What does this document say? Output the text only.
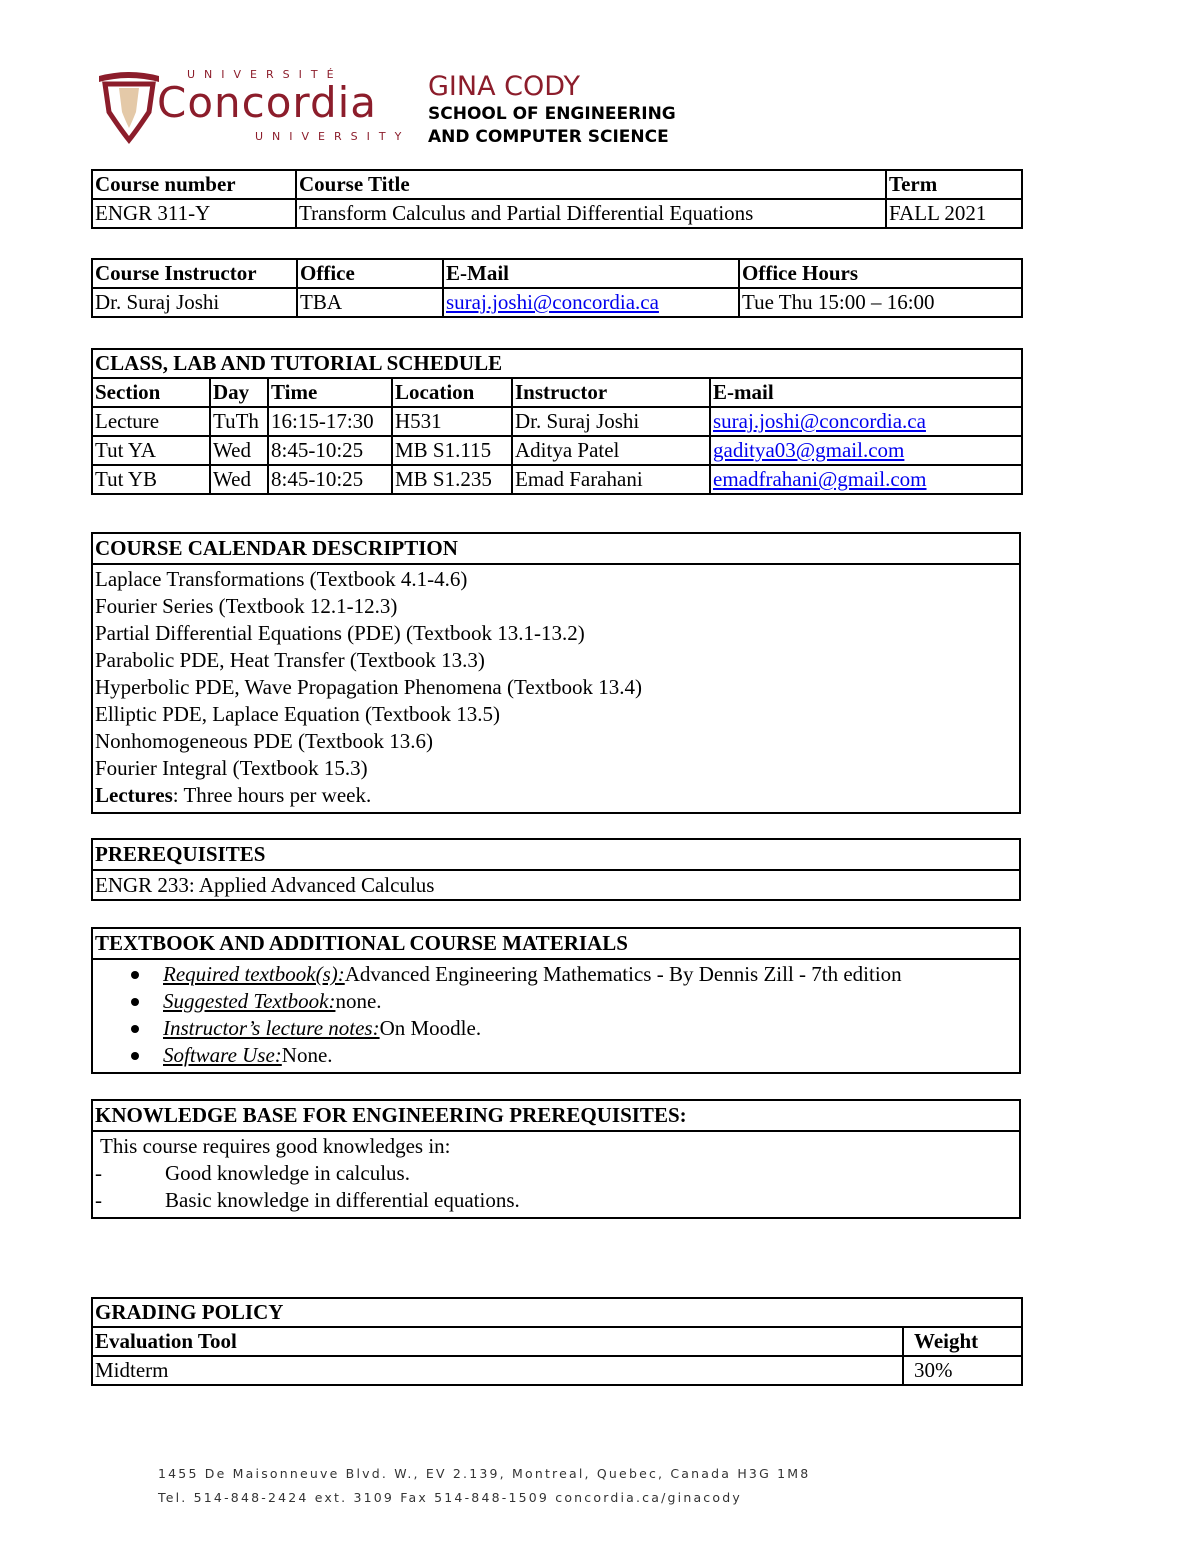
UNIVERSITÉ
Concordia
UNIVERSITY
GINA CODY
SCHOOL OF ENGINEERING
AND COMPUTER SCIENCE
Course number	Course Title	Term
ENGR 311-Y	Transform Calculus and Partial Differential Equations	FALL 2021
Course Instructor	Office	E-Mail	Office Hours
Dr. Suraj Joshi	TBA	suraj.joshi@concordia.ca	Tue Thu 15:00 – 16:00
CLASS, LAB AND TUTORIAL SCHEDULE					
Section	Day	Time	Location	Instructor	E-mail
Lecture	TuTh	16:15-17:30	H531	Dr. Suraj Joshi	suraj.joshi@concordia.ca
Tut YA	Wed	8:45-10:25	MB S1.115	Aditya Patel	gaditya03@gmail.com
Tut YB	Wed	8:45-10:25	MB S1.235	Emad Farahani	emadfrahani@gmail.com
COURSE CALENDAR DESCRIPTION
Laplace Transformations (Textbook 4.1-4.6)
Fourier Series (Textbook 12.1-12.3)
Partial Differential Equations (PDE) (Textbook 13.1-13.2)
Parabolic PDE, Heat Transfer (Textbook 13.3)
Hyperbolic PDE, Wave Propagation Phenomena (Textbook 13.4)
Elliptic PDE, Laplace Equation (Textbook 13.5)
Nonhomogeneous PDE (Textbook 13.6)
Fourier Integral (Textbook 15.3)
Lectures: Three hours per week.
PREREQUISITES
ENGR 233: Applied Advanced Calculus
TEXTBOOK AND ADDITIONAL COURSE MATERIALS
Required textbook(s): Advanced Engineering Mathematics - By Dennis Zill - 7th edition
Suggested Textbook: none.
Instructor’s lecture notes: On Moodle.
Software Use: None.
KNOWLEDGE BASE FOR ENGINEERING PREREQUISITES:
This course requires good knowledges in:
-	Good knowledge in calculus.
-	Basic knowledge in differential equations.
GRADING POLICY	
Evaluation Tool	Weight
Midterm	30%
1455 De Maisonneuve Blvd. W., EV 2.139, Montreal, Quebec, Canada H3G 1M8
Tel. 514-848-2424 ext. 3109 Fax 514-848-1509 concordia.ca/ginacody
